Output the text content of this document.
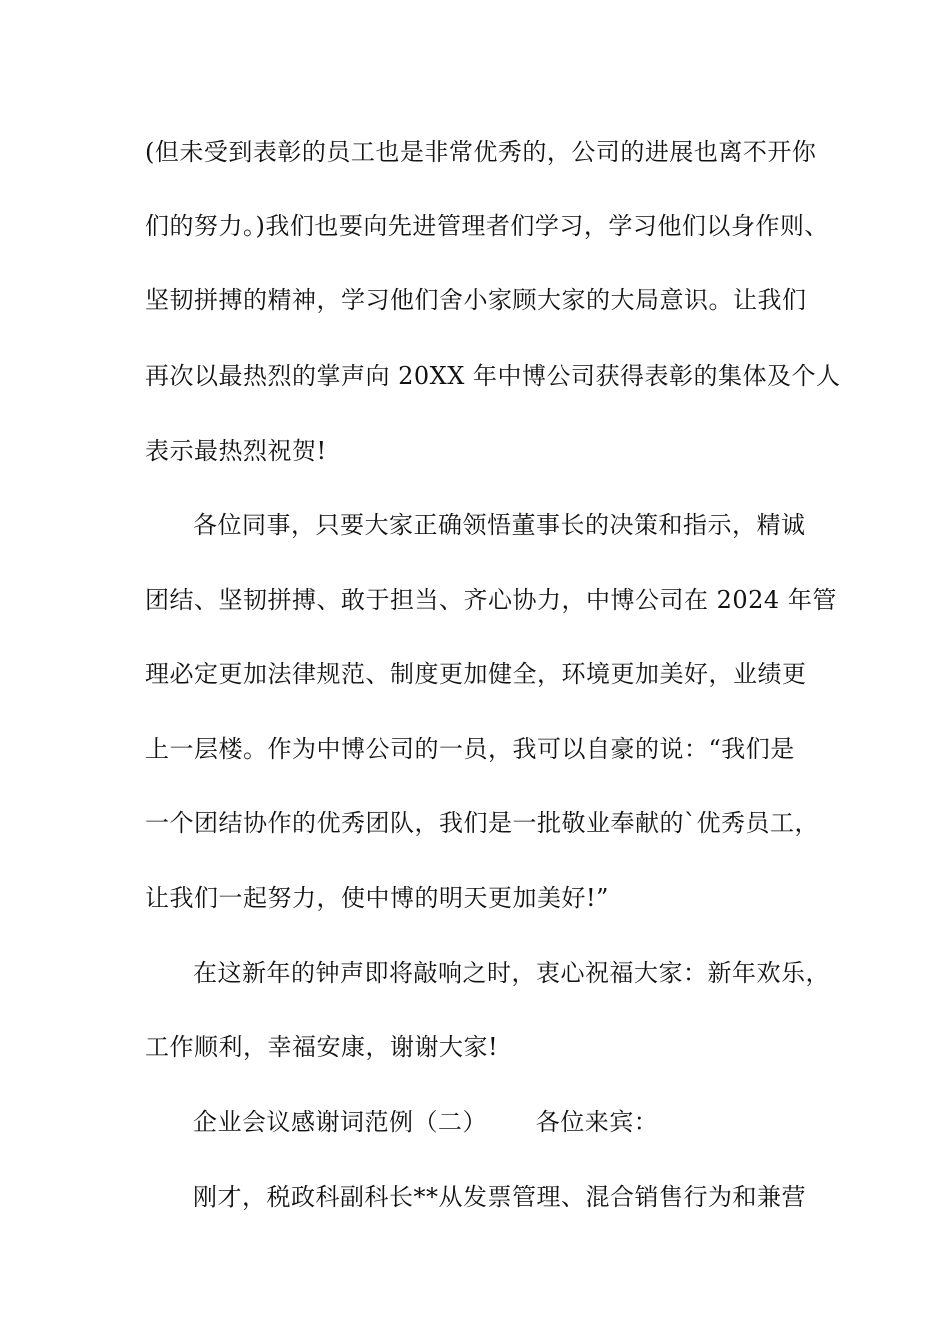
(但未受到表彰的员工也是非常优秀的，公司的进展也离不开你
们的努力。)我们也要向先进管理者们学习，学习他们以身作则、
坚韧拼搏的精神，学习他们舍小家顾大家的大局意识。让我们
再次以最热烈的掌声向 20XX 年中博公司获得表彰的集体及个人
表示最热烈祝贺!
各位同事，只要大家正确领悟董事长的决策和指示，精诚
团结、坚韧拼搏、敢于担当、齐心协力，中博公司在 2024 年管
理必定更加法律规范、制度更加健全，环境更加美好，业绩更
上一层楼。作为中博公司的一员，我可以自豪的说：“我们是
一个团结协作的优秀团队，我们是一批敬业奉献的`优秀员工，
让我们一起努力，使中博的明天更加美好!”
在这新年的钟声即将敲响之时，衷心祝福大家：新年欢乐，
工作顺利，幸福安康，谢谢大家!
企业会议感谢词范例（二）      各位来宾：
刚才，税政科副科长**从发票管理、混合销售行为和兼营
